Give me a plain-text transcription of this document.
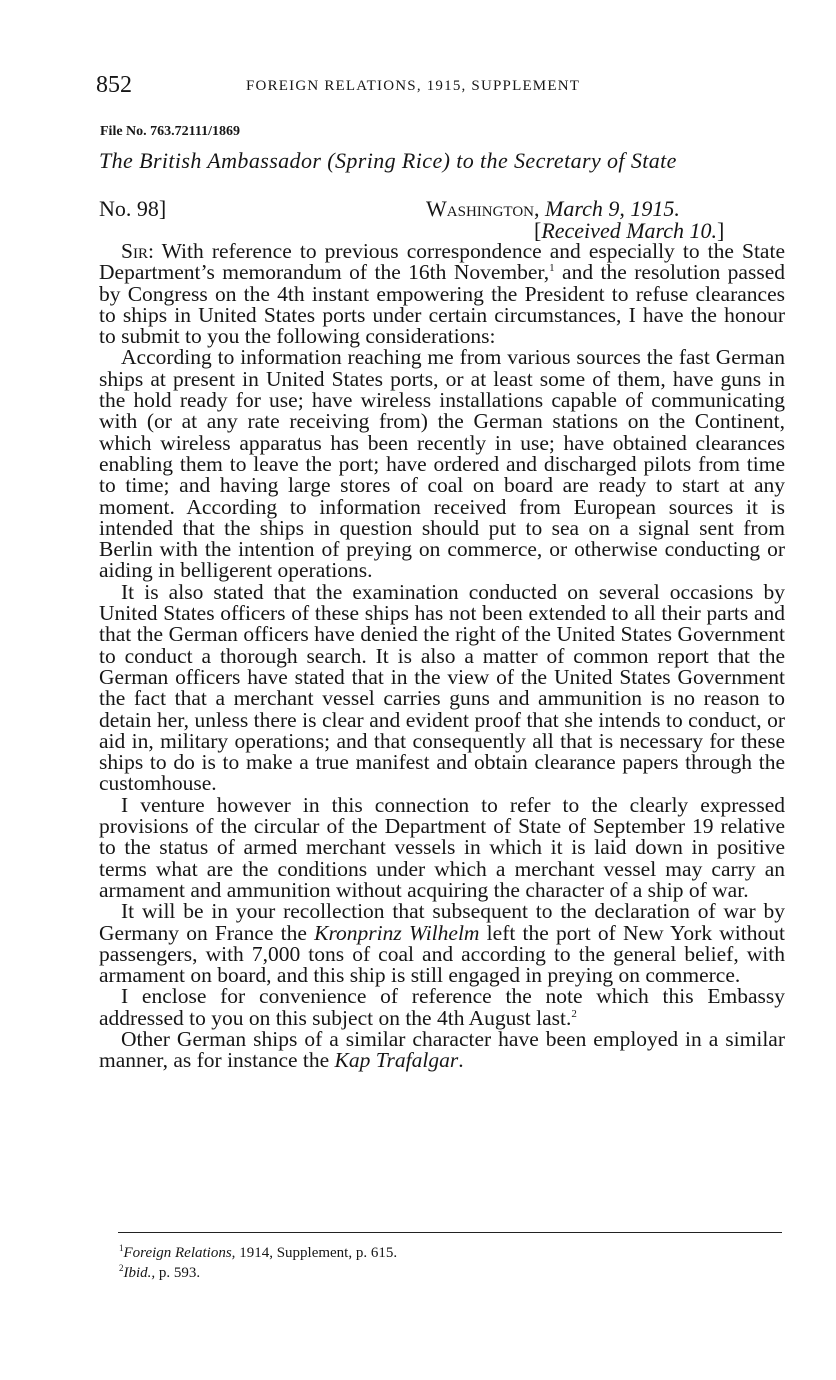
852	FOREIGN RELATIONS, 1915, SUPPLEMENT
File No. 763.72111/1869
The British Ambassador (Spring Rice) to the Secretary of State
No. 98]	Washington, March 9, 1915.
[Received March 10.]

Sir: With reference to previous correspondence and especially to the State Department’s memorandum of the 16th November,$^1$ and the resolution passed by Congress on the 4th instant empowering the President to refuse clearances to ships in United States ports under certain circumstances, I have the honour to submit to you the following considerations:

According to information reaching me from various sources the fast German ships at present in United States ports, or at least some of them, have guns in the hold ready for use; have wireless installations capable of communicating with (or at any rate receiving from) the German stations on the Continent, which wireless apparatus has been recently in use; have obtained clearances enabling them to leave the port; have ordered and discharged pilots from time to time; and having large stores of coal on board are ready to start at any moment. According to information received from European sources it is intended that the ships in question should put to sea on a signal sent from Berlin with the intention of preying on commerce, or otherwise conducting or aiding in belligerent operations.

It is also stated that the examination conducted on several occasions by United States officers of these ships has not been extended to all their parts and that the German officers have denied the right of the United States Government to conduct a thorough search. It is also a matter of common report that the German officers have stated that in the view of the United States Government the fact that a merchant vessel carries guns and ammunition is no reason to detain her, unless there is clear and evident proof that she intends to conduct, or aid in, military operations; and that consequently all that is necessary for these ships to do is to make a true manifest and obtain clearance papers through the customhouse.

I venture however in this connection to refer to the clearly expressed provisions of the circular of the Department of State of September 19 relative to the status of armed merchant vessels in which it is laid down in positive terms what are the conditions under which a merchant vessel may carry an armament and ammunition without acquiring the character of a ship of war.

It will be in your recollection that subsequent to the declaration of war by Germany on France the Kronprinz Wilhelm left the port of New York without passengers, with 7,000 tons of coal and according to the general belief, with armament on board, and this ship is still engaged in preying on commerce.

I enclose for convenience of reference the note which this Embassy addressed to you on this subject on the 4th August last.$^2$

Other German ships of a similar character have been employed in a similar manner, as for instance the Kap Trafalgar.

$^1$Foreign Relations, 1914, Supplement, p. 615.
$^2$Ibid., p. 593.
